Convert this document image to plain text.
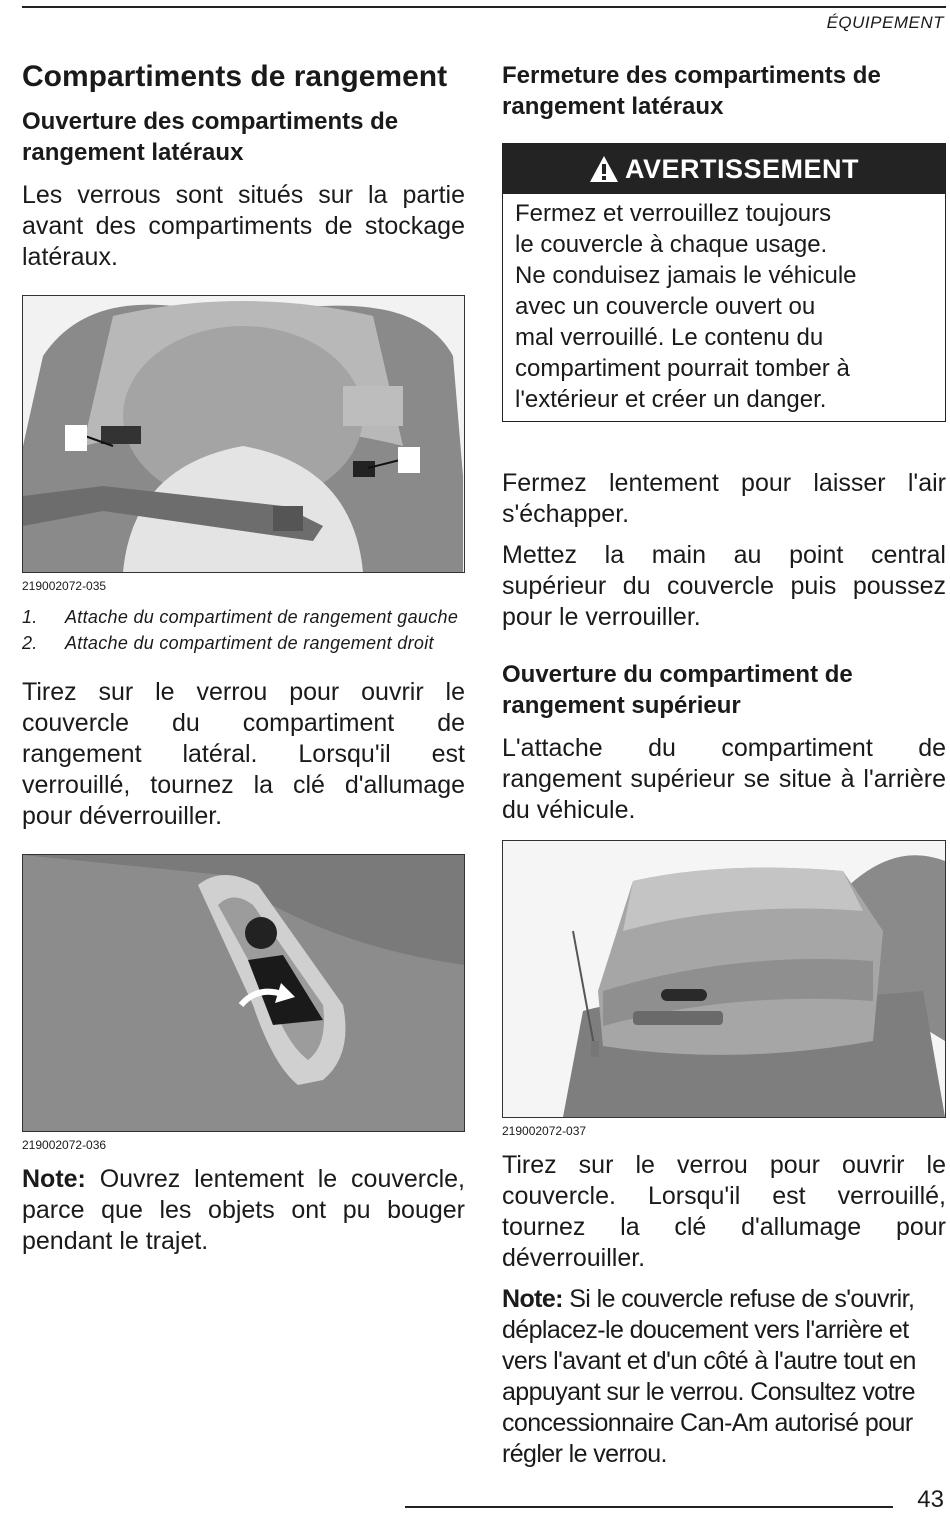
ÉQUIPEMENT
Compartiments de rangement
Ouverture des compartiments de rangement latéraux

Les verrous sont situés sur la partie avant des compartiments de stockage latéraux.

219002072-035
1.	Attache du compartiment de rangement gauche
2.	Attache du compartiment de rangement droit

Tirez sur le verrou pour ouvrir le couvercle du compartiment de rangement latéral. Lorsqu'il est verrouillé, tournez la clé d'allumage pour déverrouiller.

219002072-036

Note: Ouvrez lentement le couvercle, parce que les objets ont pu bouger pendant le trajet.

Fermeture des compartiments de rangement latéraux
AVERTISSEMENT
Fermez et verrouillez toujours
le couvercle à chaque usage.
Ne conduisez jamais le véhicule
avec un couvercle ouvert ou
mal verrouillé. Le contenu du
compartiment pourrait tomber à
l'extérieur et créer un danger.

Fermez lentement pour laisser l'air s'échapper.

Mettez la main au point central supérieur du couvercle puis poussez pour le verrouiller.

Ouverture du compartiment de rangement supérieur

L'attache du compartiment de rangement supérieur se situe à l'arrière du véhicule.

219002072-037

Tirez sur le verrou pour ouvrir le couvercle. Lorsqu'il est verrouillé, tournez la clé d'allumage pour déverrouiller.

Note: Si le couvercle refuse de s'ouvrir, déplacez-le doucement vers l'arrière et vers l'avant et d'un côté à l'autre tout en appuyant sur le verrou. Consultez votre concessionnaire Can-Am autorisé pour régler le verrou.

43
